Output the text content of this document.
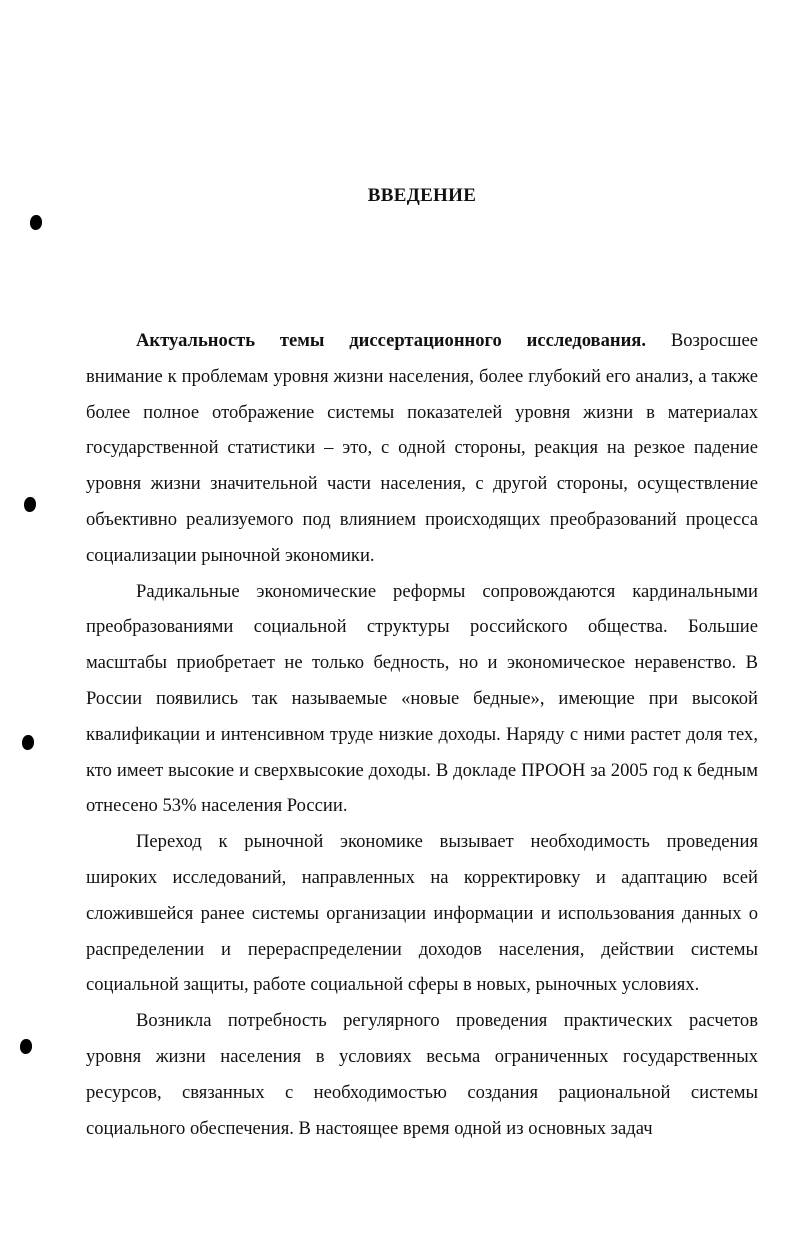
ВВЕДЕНИЕ

Актуальность темы диссертационного исследования. Возросшее внимание к проблемам уровня жизни населения, более глубокий его анализ, а также более полное отображение системы показателей уровня жизни в материалах государственной статистики – это, с одной стороны, реакция на резкое падение уровня жизни значительной части населения, с другой стороны, осуществление объективно реализуемого под влиянием происходящих преобразований процесса социализации рыночной экономики.

Радикальные экономические реформы сопровождаются кардинальными преобразованиями социальной структуры российского общества. Большие масштабы приобретает не только бедность, но и экономическое неравенство. В России появились так называемые «новые бедные», имеющие при высокой квалификации и интенсивном труде низкие доходы. Наряду с ними растет доля тех, кто имеет высокие и сверхвысокие доходы. В докладе ПРООН за 2005 год к бедным отнесено 53% населения России.

Переход к рыночной экономике вызывает необходимость проведения широких исследований, направленных на корректировку и адаптацию всей сложившейся ранее системы организации информации и использования данных о распределении и перераспределении доходов населения, действии системы социальной защиты, работе социальной сферы в новых, рыночных условиях.

Возникла потребность регулярного проведения практических расчетов уровня жизни населения в условиях весьма ограниченных государственных ресурсов, связанных с необходимостью создания рациональной системы социального обеспечения. В настоящее время одной из основных задач
